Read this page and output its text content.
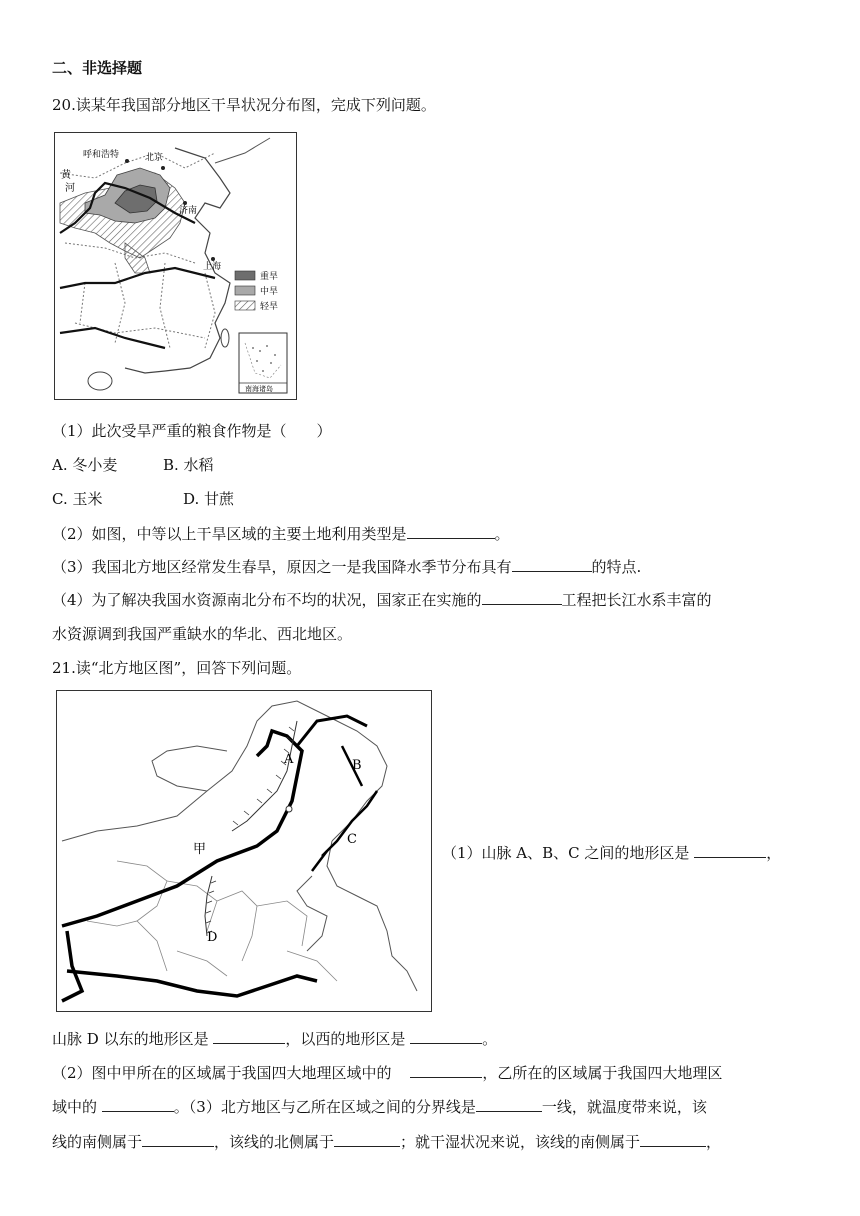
二、非选择题
20.读某年我国部分地区干旱状况分布图，完成下列问题。
呼和浩特	北京
黄
河
济南
上海
重旱
中旱
轻旱
南海诸岛
（1）此次受旱严重的粮食作物是（　　）
A. 冬小麦	B. 水稻
C. 玉米	D. 甘蔗
（2）如图，中等以上干旱区域的主要土地利用类型是	。
（3）我国北方地区经常发生春旱，原因之一是我国降水季节分布具有	的特点.
（4）为了解决我国水资源南北分布不均的状况，国家正在实施的	工程把长江水系丰富的
水资源调到我国严重缺水的华北、西北地区。
21.读“北方地区图”，回答下列问题。
A	B
C
D
甲	（1）山脉 A、B、C 之间的地形区是	，
山脉 D 以东的地形区是	，以西的地形区是	。
（2）图中甲所在的区域属于我国四大地理区域中的	，乙所在的区域属于我国四大地理区
域中的	。（3）北方地区与乙所在区域之间的分界线是	一线，就温度带来说，该
线的南侧属于	，该线的北侧属于	；就干湿状况来说，该线的南侧属于	，
